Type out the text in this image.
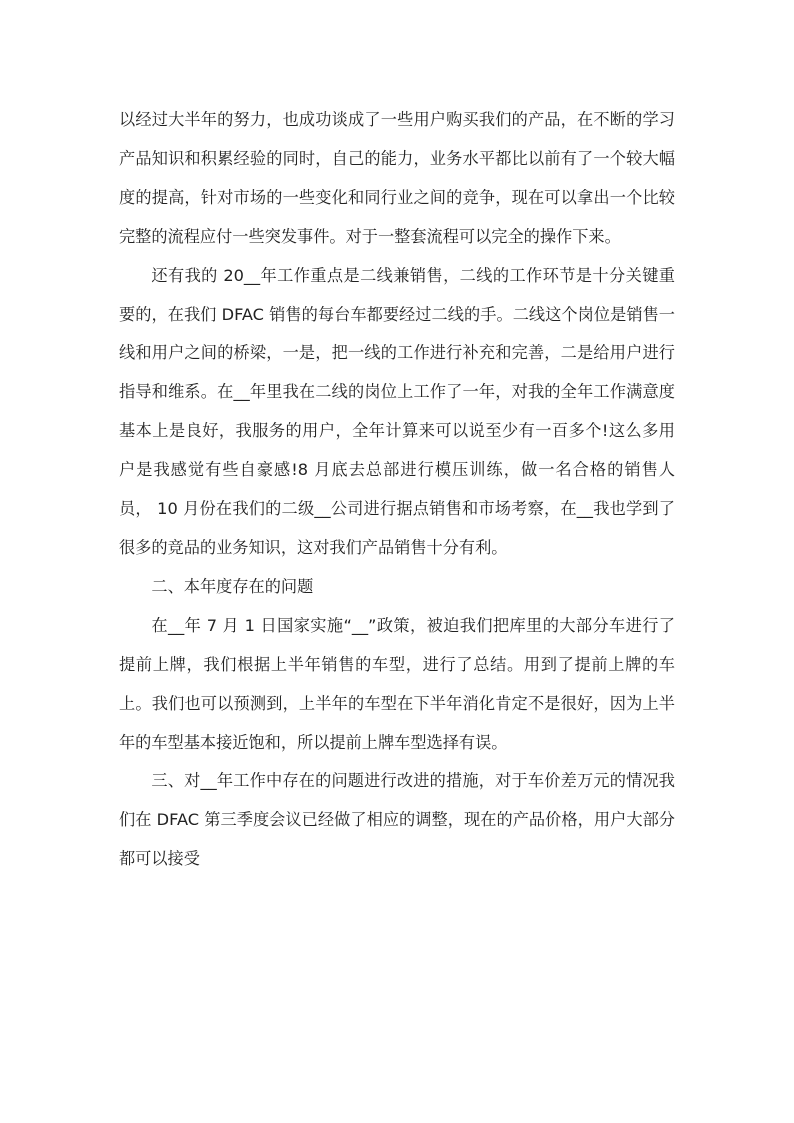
以经过大半年的努力，也成功谈成了一些用户购买我们的产品，在不断的学习产品知识和积累经验的同时，自己的能力，业务水平都比以前有了一个较大幅度的提高，针对市场的一些变化和同行业之间的竞争，现在可以拿出一个比较完整的流程应付一些突发事件。对于一整套流程可以完全的操作下来。

还有我的 20__年工作重点是二线兼销售，二线的工作环节是十分关键重要的，在我们 DFAC 销售的每台车都要经过二线的手。二线这个岗位是销售一线和用户之间的桥梁，一是，把一线的工作进行补充和完善，二是给用户进行指导和维系。在__年里我在二线的岗位上工作了一年，对我的全年工作满意度基本上是良好，我服务的用户，全年计算来可以说至少有一百多个!这么多用户是我感觉有些自豪感!8 月底去总部进行模压训练，做一名合格的销售人员， 10 月份在我们的二级__公司进行据点销售和市场考察，在__我也学到了很多的竞品的业务知识，这对我们产品销售十分有利。

二、本年度存在的问题

在__年 7 月 1 日国家实施“__”政策，被迫我们把库里的大部分车进行了提前上牌，我们根据上半年销售的车型，进行了总结。用到了提前上牌的车上。我们也可以预测到，上半年的车型在下半年消化肯定不是很好，因为上半年的车型基本接近饱和，所以提前上牌车型选择有误。

三、对__年工作中存在的问题进行改进的措施，对于车价差万元的情况我们在 DFAC 第三季度会议已经做了相应的调整，现在的产品价格，用户大部分都可以接受
